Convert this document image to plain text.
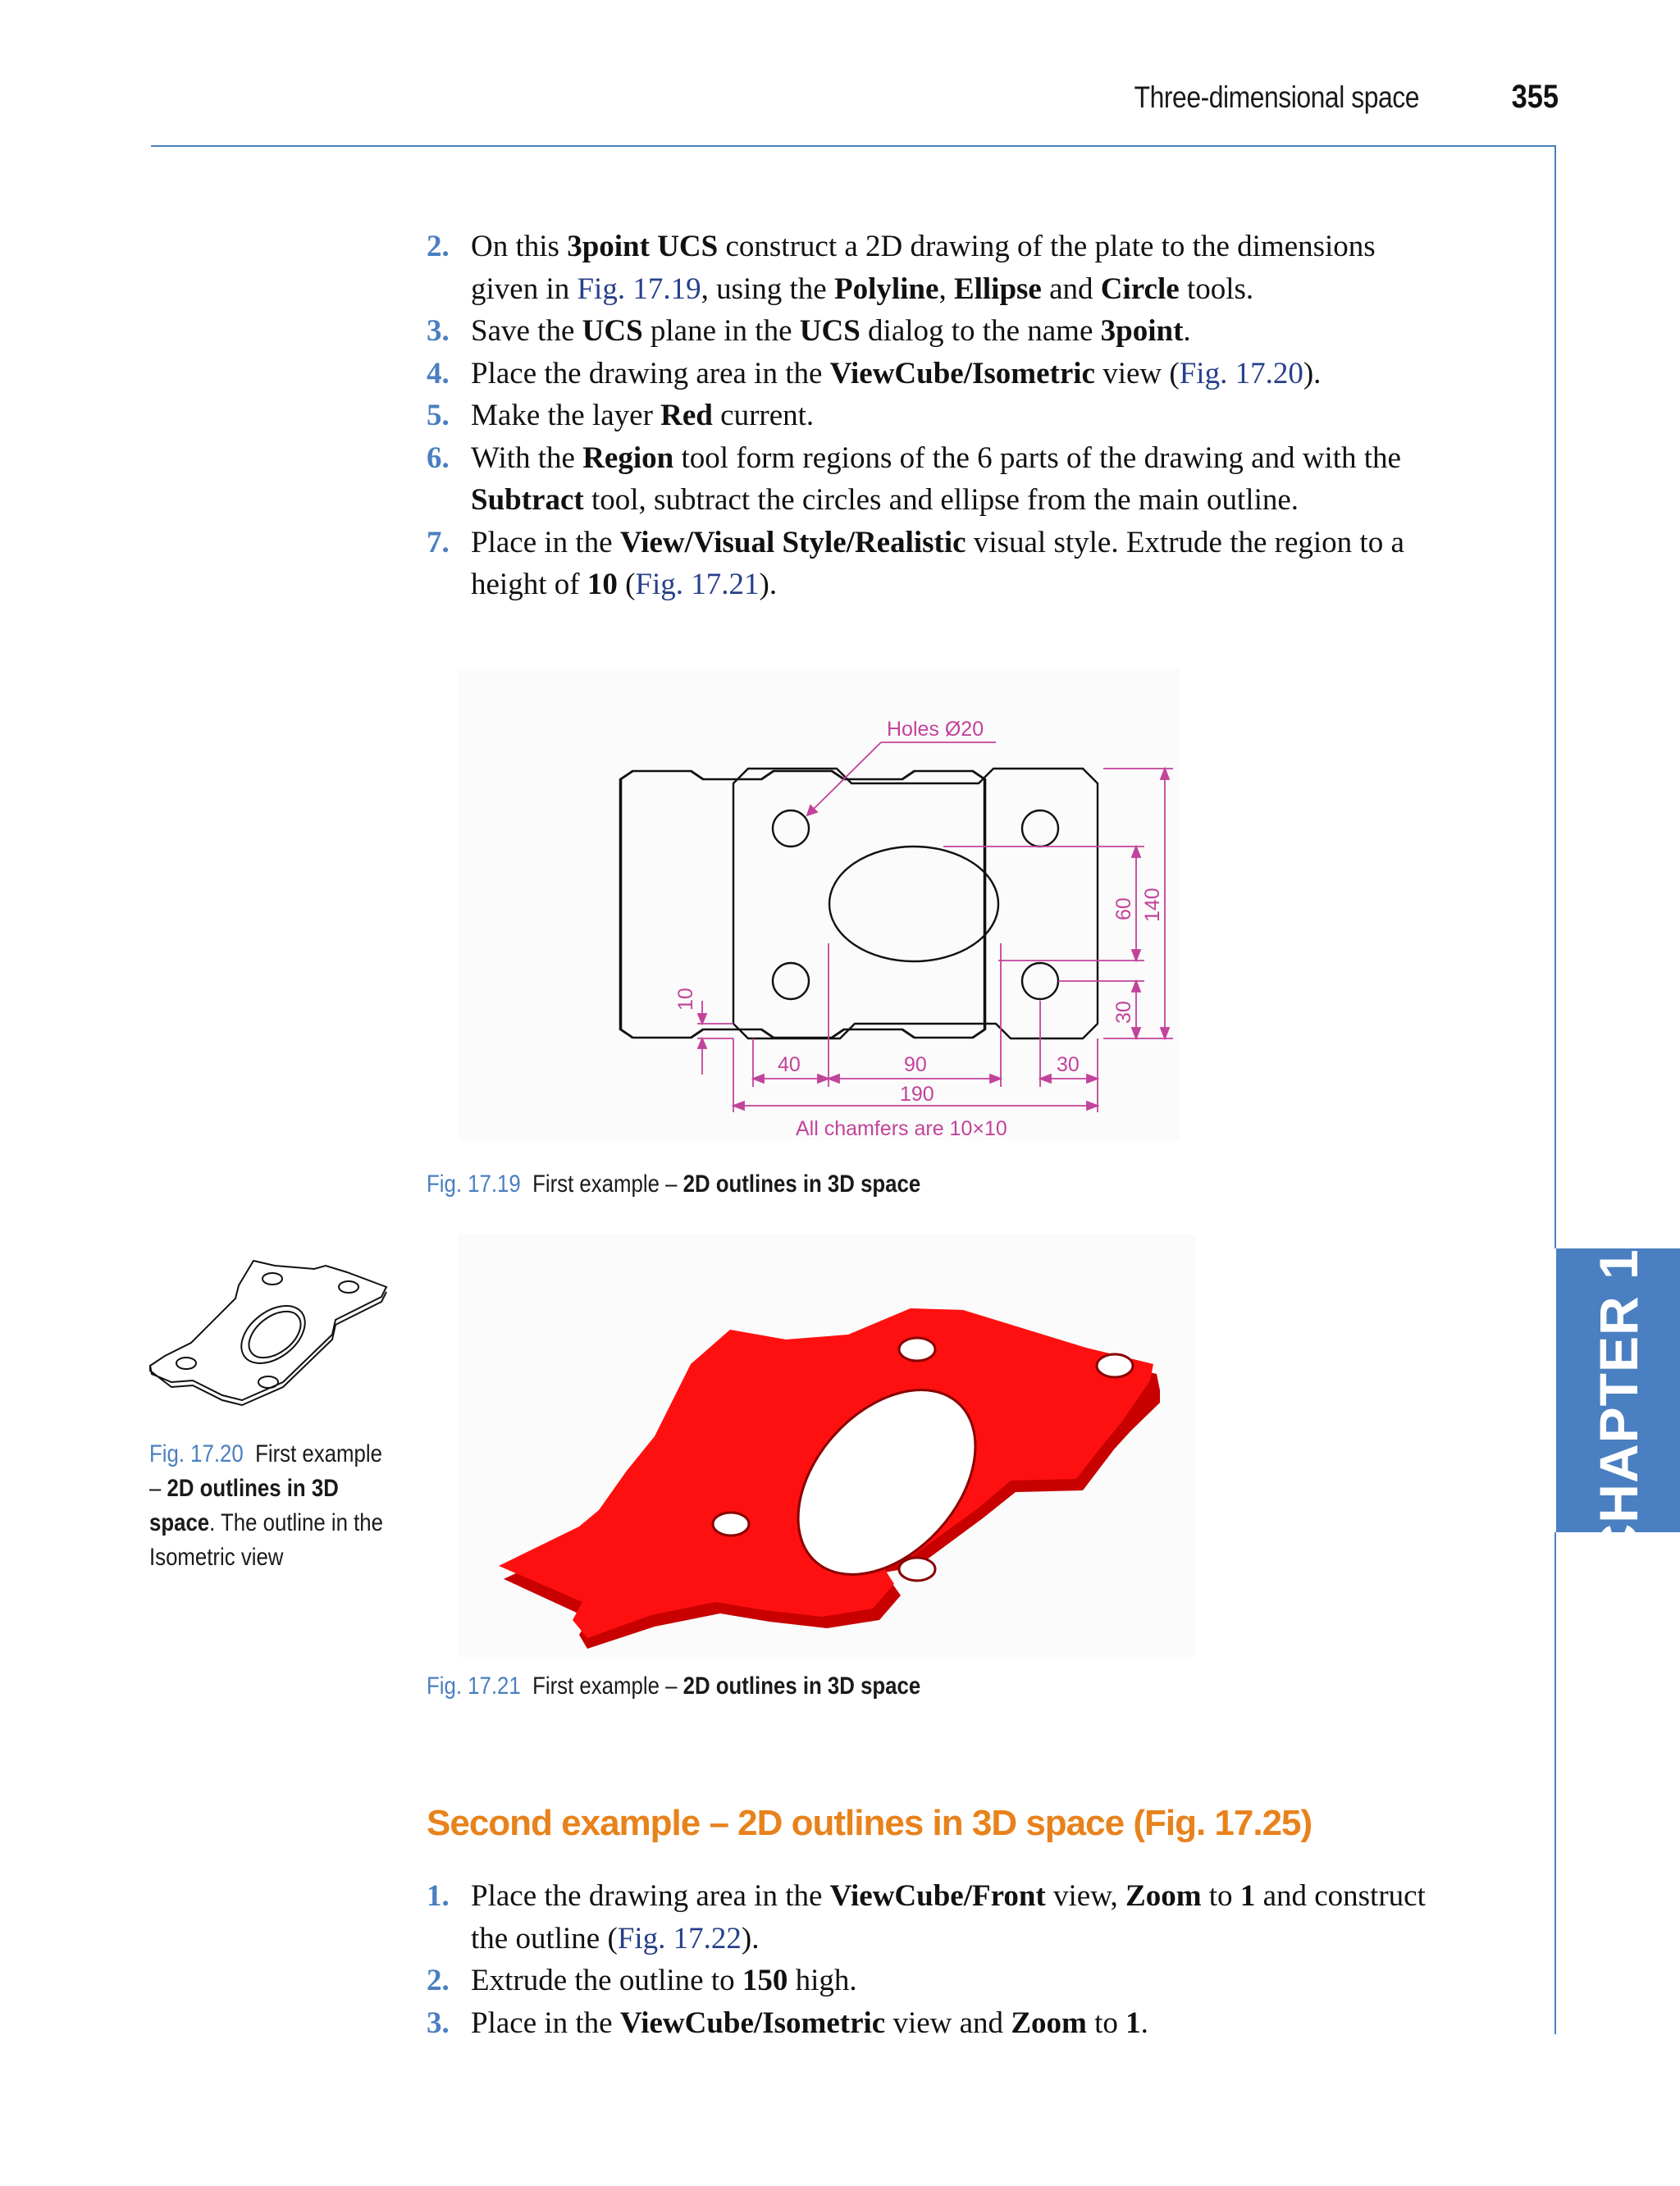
Three-dimensional space	355
CHAPTER 17
2. On this 3point UCS construct a 2D drawing of the plate to the dimensions given in Fig. 17.19, using the Polyline, Ellipse and Circle tools.
3. Save the UCS plane in the UCS dialog to the name 3point.
4. Place the drawing area in the ViewCube/Isometric view (Fig. 17.20).
5. Make the layer Red current.
6. With the Region tool form regions of the 6 parts of the drawing and with the Subtract tool, subtract the circles and ellipse from the main outline.
7. Place in the View/Visual Style/Realistic visual style. Extrude the region to a height of 10 (Fig. 17.21).
Holes Ø20
40	90	30
190
All chamfers are 10×10
10
60 140
30
Fig. 17.19 First example – 2D outlines in 3D space
Fig. 17.20 First example – 2D outlines in 3D space. The outline in the Isometric view
Fig. 17.21 First example – 2D outlines in 3D space
Second example – 2D outlines in 3D space (Fig. 17.25)
1. Place the drawing area in the ViewCube/Front view, Zoom to 1 and construct the outline (Fig. 17.22).
2. Extrude the outline to 150 high.
3. Place in the ViewCube/Isometric view and Zoom to 1.
